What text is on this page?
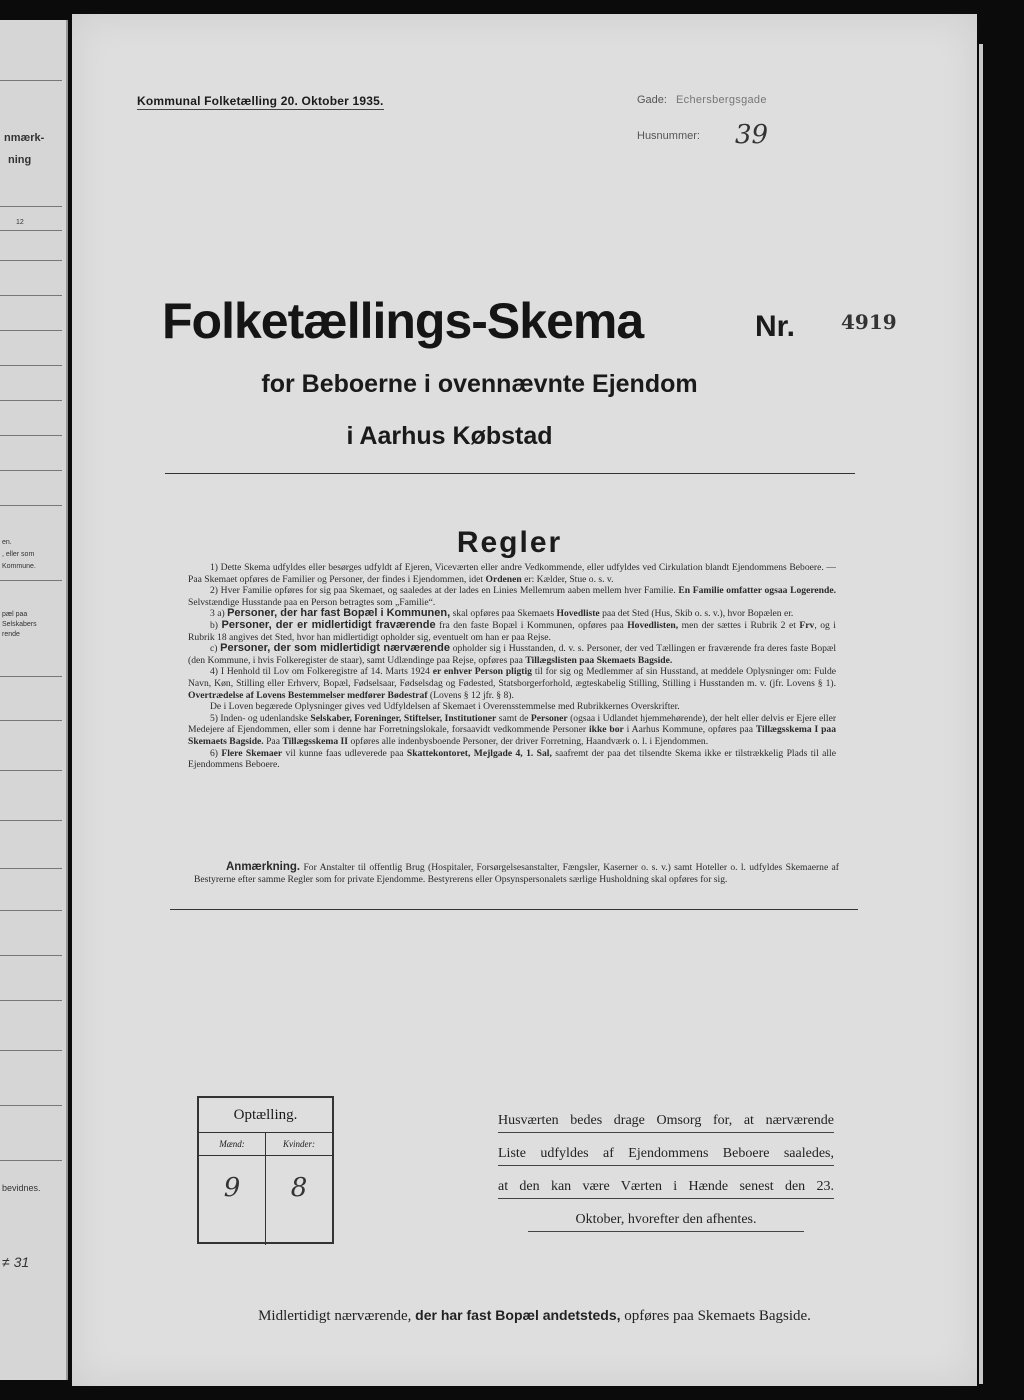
nmærk-
ning
12
en.
, eller som
Kommune.
pæl paa
Selskabers
rende
bevidnes.
≠ 31
Kommunal Folketælling 20. Oktober 1935.	Gade: Echersbergsgade
Husnummer: 39
Folketællings-Skema	Nr. 4919
for Beboerne i ovennævnte Ejendom
i Aarhus Købstad
Regler

1) Dette Skema udfyldes eller besørges udfyldt af Ejeren, Viceværten eller andre Vedkommende, eller udfyldes ved Cirkulation blandt Ejendommens Beboere. — Paa Skemaet opføres de Familier og Personer, der findes i Ejendommen, idet Ordenen er: Kælder, Stue o. s. v.

2) Hver Familie opføres for sig paa Skemaet, og saaledes at der lades en Linies Mellemrum aaben mellem hver Familie. En Familie omfatter ogsaa Logerende. Selvstændige Husstande paa en Person betragtes som „Familie“.

3 a) Personer, der har fast Bopæl i Kommunen, skal opføres paa Skemaets Hovedliste paa det Sted (Hus, Skib o. s. v.), hvor Bopælen er.

b) Personer, der er midlertidigt fraværende fra den faste Bopæl i Kommunen, opføres paa Hovedlisten, men der sættes i Rubrik 2 et Frv, og i Rubrik 18 angives det Sted, hvor han midlertidigt opholder sig, eventuelt om han er paa Rejse.

c) Personer, der som midlertidigt nærværende opholder sig i Husstanden, d. v. s. Personer, der ved Tællingen er fraværende fra deres faste Bopæl (den Kommune, i hvis Folkeregister de staar), samt Udlændinge paa Rejse, opføres paa Tillægslisten paa Skemaets Bagside.

4) I Henhold til Lov om Folkeregistre af 14. Marts 1924 er enhver Person pligtig til for sig og Medlemmer af sin Husstand, at meddele Oplysninger om: Fulde Navn, Køn, Stilling eller Erhverv, Bopæl, Fødselsaar, Fødselsdag og Fødested, Statsborgerforhold, ægteskabelig Stilling, Stilling i Husstanden m. v. (jfr. Lovens § 1). Overtrædelse af Lovens Bestemmelser medfører Bødestraf (Lovens § 12 jfr. § 8).

De i Loven begærede Oplysninger gives ved Udfyldelsen af Skemaet i Overensstemmelse med Rubrikkernes Overskrifter.

5) Inden- og udenlandske Selskaber, Foreninger, Stiftelser, Institutioner samt de Personer (ogsaa i Udlandet hjemmehørende), der helt eller delvis er Ejere eller Medejere af Ejendommen, eller som i denne har Forretningslokale, forsaavidt vedkommende Personer ikke bor i Aarhus Kommune, opføres paa Tillægsskema I paa Skemaets Bagside. Paa Tillægsskema II opføres alle indenbysboende Personer, der driver Forretning, Haandværk o. l. i Ejendommen.

6) Flere Skemaer vil kunne faas udleverede paa Skattekontoret, Mejlgade 4, 1. Sal, saafremt der paa det tilsendte Skema ikke er tilstrækkelig Plads til alle Ejendommens Beboere.

Anmærkning. For Anstalter til offentlig Brug (Hospitaler, Forsørgelsesanstalter, Fængsler, Kaserner o. s. v.) samt Hoteller o. l. udfyldes Skemaerne af Bestyrerne efter samme Regler som for private Ejendomme. Bestyrerens eller Opsynspersonalets særlige Husholdning skal opføres for sig.
Optælling.
Mænd:
9
Kvinder:
8
Husværten bedes drage Omsorg for, at nærværende
Liste udfyldes af Ejendommens Beboere saaledes,
at den kan være Værten i Hænde senest den 23.
Oktober, hvorefter den afhentes.
Midlertidigt nærværende, der har fast Bopæl andetsteds, opføres paa Skemaets Bagside.
